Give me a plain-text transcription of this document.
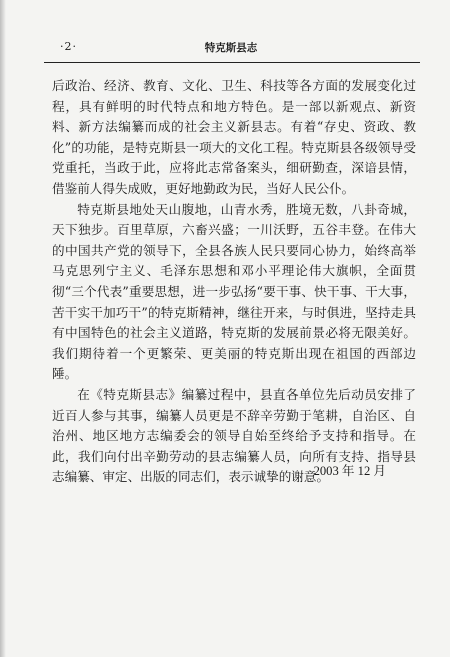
·2·	特克斯县志

后政治、经济、教育、文化、卫生、科技等各方面的发展变化过程，具有鲜明的时代特点和地方特色。是一部以新观点、新资料、新方法编纂而成的社会主义新县志。有着“存史、资政、教化”的功能，是特克斯县一项大的文化工程。特克斯县各级领导受党重托，当政于此，应将此志常备案头，细研勤查，深谙县情，借鉴前人得失成败，更好地勤政为民，当好人民公仆。

特克斯县地处天山腹地，山青水秀，胜境无数，八卦奇城，天下独步。百里草原，六畜兴盛；一川沃野，五谷丰登。在伟大的中国共产党的领导下，全县各族人民只要同心协力，始终高举马克思列宁主义、毛泽东思想和邓小平理论伟大旗帜，全面贯彻“三个代表”重要思想，进一步弘扬“要干事、快干事、干大事，苦干实干加巧干”的特克斯精神，继往开来，与时俱进，坚持走具有中国特色的社会主义道路，特克斯的发展前景必将无限美好。我们期待着一个更繁荣、更美丽的特克斯出现在祖国的西部边陲。

在《特克斯县志》编纂过程中，县直各单位先后动员安排了近百人参与其事，编纂人员更是不辞辛劳勤于笔耕，自治区、自治州、地区地方志编委会的领导自始至终给予支持和指导。在此，我们向付出辛勤劳动的县志编纂人员，向所有支持、指导县志编纂、审定、出版的同志们，表示诚挚的谢意。

2003 年 12 月
